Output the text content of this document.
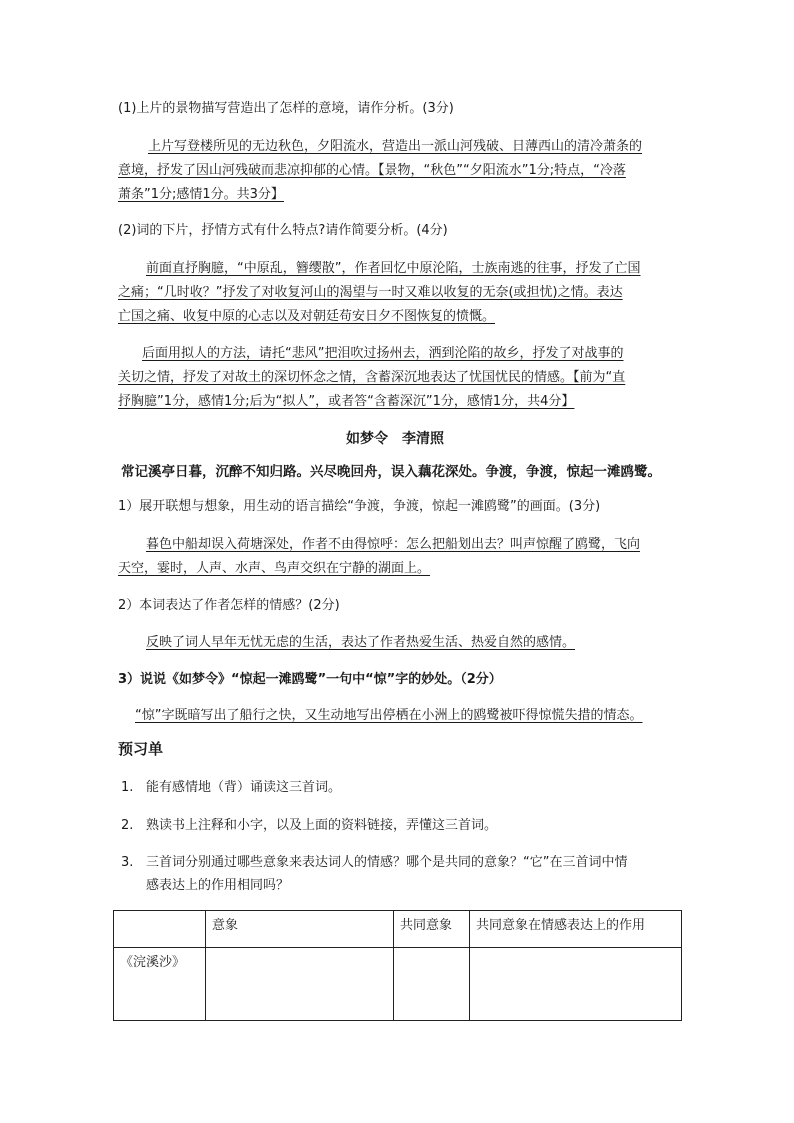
(1)上片的景物描写营造出了怎样的意境，请作分析。(3分)
上片写登楼所见的无边秋色，夕阳流水，营造出一派山河残破、日薄西山的清冷萧条的
意境，抒发了因山河残破而悲凉抑郁的心情。【景物，“秋色”“夕阳流水”1分;特点，“冷落
萧条”1分;感情1分。共3分】
(2)词的下片，抒情方式有什么特点?请作简要分析。(4分)
前面直抒胸臆，“中原乱，簪缨散”，作者回忆中原沦陷，士族南逃的往事，抒发了亡国
之痛；“几时收？”抒发了对收复河山的渴望与一时又难以收复的无奈(或担忧)之情。表达
亡国之痛、收复中原的心志以及对朝廷苟安日夕不图恢复的愤慨。
后面用拟人的方法，请托“悲风”把泪吹过扬州去，洒到沦陷的故乡，抒发了对战事的
关切之情，抒发了对故土的深切怀念之情，含蓄深沉地表达了忧国忧民的情感。【前为“直
抒胸臆”1分，感情1分;后为“拟人”，或者答“含蓄深沉”1分，感情1分，共4分】
如梦令　李清照
常记溪亭日暮，沉醉不知归路。兴尽晚回舟，误入藕花深处。争渡，争渡，惊起一滩鸥鹭。
1）展开联想与想象，用生动的语言描绘“争渡，争渡，惊起一滩鸥鹭”的画面。(3分)
暮色中船却误入荷塘深处，作者不由得惊呼：怎么把船划出去？叫声惊醒了鸥鹭，飞向
天空，霎时，人声、水声、鸟声交织在宁静的湖面上。
2）本词表达了作者怎样的情感？(2分)
反映了词人早年无忧无虑的生活，表达了作者热爱生活、热爱自然的感情。
3）说说《如梦令》“惊起一滩鸥鹭”一句中“惊”字的妙处。（2分）
“惊”字既暗写出了船行之快，又生动地写出停栖在小洲上的鸥鹭被吓得惊慌失措的情态。
预习单
1. 能有感情地（背）诵读这三首词。
2. 熟读书上注释和小字，以及上面的资料链接，弄懂这三首词。
3. 三首词分别通过哪些意象来表达词人的情感？哪个是共同的意象？“它”在三首词中情
感表达上的作用相同吗？
	意象	共同意象	共同意象在情感表达上的作用
《浣溪沙》			
